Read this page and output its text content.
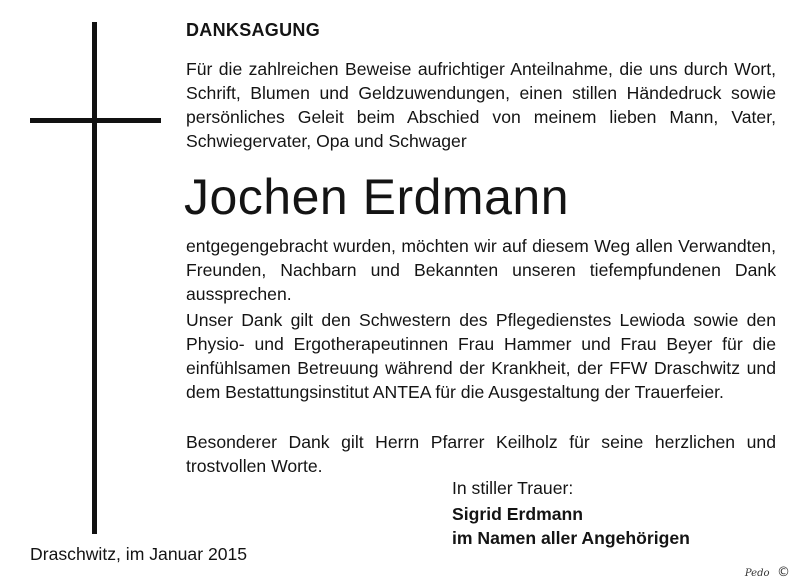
DANKSAGUNG

Für die zahlreichen Beweise aufrichtiger Anteilnahme, die uns durch Wort, Schrift, Blumen und Geldzuwendungen, einen stillen Händedruck sowie persönliches Geleit beim Abschied von meinem lieben Mann, Vater, Schwiegervater, Opa und Schwager

Jochen Erdmann

entgegengebracht wurden, möchten wir auf diesem Weg allen Verwandten, Freunden, Nachbarn und Bekannten unseren tiefempfundenen Dank aussprechen.

Unser Dank gilt den Schwestern des Pflegedienstes Lewioda sowie den Physio- und Ergotherapeutinnen Frau Hammer und Frau Beyer für die einfühlsamen Betreuung während der Krankheit, der FFW Draschwitz und dem Bestattungsinstitut ANTEA für die Ausgestaltung der Trauerfeier.

Besonderer Dank gilt Herrn Pfarrer Keilholz für seine herzlichen und trostvollen Worte.

In stiller Trauer:

Sigrid Erdmann
im Namen aller Angehörigen

Draschwitz, im Januar 2015

Pedo ©
